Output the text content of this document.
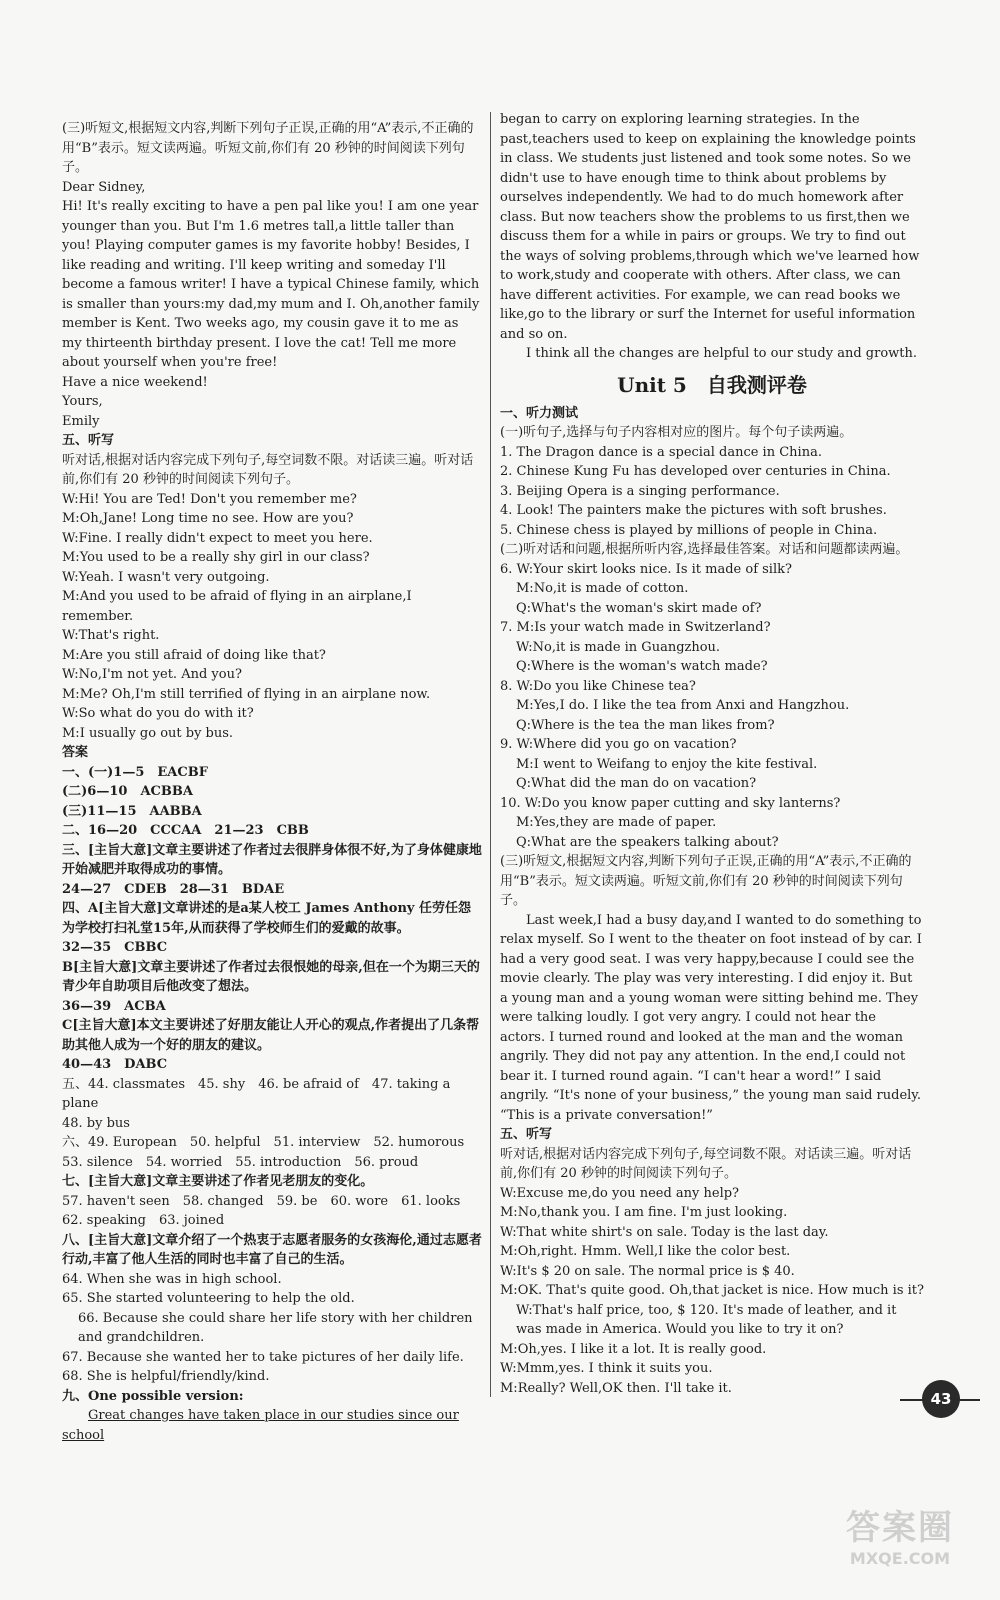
(三)听短文,根据短文内容,判断下列句子正误,正确的用“A”表示,不正确的用“B”表示。短文读两遍。听短文前,你们有 20 秒钟的时间阅读下列句子。

Dear Sidney,

Hi! It's really exciting to have a pen pal like you! I am one year younger than you. But I'm 1.6 metres tall,a little taller than you! Playing computer games is my favorite hobby! Besides, I like reading and writing. I'll keep writing and someday I'll become a famous writer! I have a typical Chinese family, which is smaller than yours:my dad,my mum and I. Oh,another family member is Kent. Two weeks ago, my cousin gave it to me as my thirteenth birthday present. I love the cat! Tell me more about yourself when you're free!

Have a nice weekend!

Yours,

Emily

五、听写

听对话,根据对话内容完成下列句子,每空词数不限。对话读三遍。听对话前,你们有 20 秒钟的时间阅读下列句子。

W:Hi! You are Ted! Don't you remember me?

M:Oh,Jane! Long time no see. How are you?

W:Fine. I really didn't expect to meet you here.

M:You used to be a really shy girl in our class?

W:Yeah. I wasn't very outgoing.

M:And you used to be afraid of flying in an airplane,I remember.

W:That's right.

M:Are you still afraid of doing like that?

W:No,I'm not yet. And you?

M:Me? Oh,I'm still terrified of flying in an airplane now.

W:So what do you do with it?

M:I usually go out by bus.

答案

一、(一)1—5　EACBF

(二)6—10　ACBBA

(三)11—15　AABBA

二、16—20　CCCAA　21—23　CBB

三、[主旨大意]文章主要讲述了作者过去很胖身体很不好,为了身体健康地开始减肥并取得成功的事情。

24—27　CDEB　28—31　BDAE

四、A[主旨大意]文章讲述的是a某人校工 James Anthony 任劳任怨为学校打扫礼堂15年,从而获得了学校师生们的爱戴的故事。

32—35　CBBC

B[主旨大意]文章主要讲述了作者过去很恨她的母亲,但在一个为期三天的青少年自助项目后他改变了想法。

36—39　ACBA

C[主旨大意]本文主要讲述了好朋友能让人开心的观点,作者提出了几条帮助其他人成为一个好的朋友的建议。

40—43　DABC

五、44. classmates　45. shy　46. be afraid of　47. taking a plane

48. by bus

六、49. European　50. helpful　51. interview　52. humorous

53. silence　54. worried　55. introduction　56. proud

七、[主旨大意]文章主要讲述了作者见老朋友的变化。

57. haven't seen　58. changed　59. be　60. wore　61. looks

62. speaking　63. joined

八、[主旨大意]文章介绍了一个热衷于志愿者服务的女孩海伦,通过志愿者行动,丰富了他人生活的同时也丰富了自己的生活。

64. When she was in high school.

65. She started volunteering to help the old.

66. Because she could share her life story with her children and grandchildren.

67. Because she wanted her to take pictures of her daily life.

68. She is helpful/friendly/kind.

九、One possible version:

Great changes have taken place in our studies since our school

began to carry on exploring learning strategies. In the past,teachers used to keep on explaining the knowledge points in class. We students just listened and took some notes. So we didn't use to have enough time to think about problems by ourselves independently. We had to do much homework after class. But now teachers show the problems to us first,then we discuss them for a while in pairs or groups. We try to find out the ways of solving problems,through which we've learned how to work,study and cooperate with others. After class, we can have different activities. For example, we can read books we like,go to the library or surf the Internet for useful information and so on.

I think all the changes are helpful to our study and growth.

Unit 5　自我测评卷

一、听力测试

(一)听句子,选择与句子内容相对应的图片。每个句子读两遍。

1. The Dragon dance is a special dance in China.

2. Chinese Kung Fu has developed over centuries in China.

3. Beijing Opera is a singing performance.

4. Look! The painters make the pictures with soft brushes.

5. Chinese chess is played by millions of people in China.

(二)听对话和问题,根据所听内容,选择最佳答案。对话和问题都读两遍。

6. W:Your skirt looks nice. Is it made of silk?

M:No,it is made of cotton.

Q:What's the woman's skirt made of?

7. M:Is your watch made in Switzerland?

W:No,it is made in Guangzhou.

Q:Where is the woman's watch made?

8. W:Do you like Chinese tea?

M:Yes,I do. I like the tea from Anxi and Hangzhou.

Q:Where is the tea the man likes from?

9. W:Where did you go on vacation?

M:I went to Weifang to enjoy the kite festival.

Q:What did the man do on vacation?

10. W:Do you know paper cutting and sky lanterns?

M:Yes,they are made of paper.

Q:What are the speakers talking about?

(三)听短文,根据短文内容,判断下列句子正误,正确的用“A”表示,不正确的用“B”表示。短文读两遍。听短文前,你们有 20 秒钟的时间阅读下列句子。

Last week,I had a busy day,and I wanted to do something to relax myself. So I went to the theater on foot instead of by car. I had a very good seat. I was very happy,because I could see the movie clearly. The play was very interesting. I did enjoy it. But a young man and a young woman were sitting behind me. They were talking loudly. I got very angry. I could not hear the actors. I turned round and looked at the man and the woman angrily. They did not pay any attention. In the end,I could not bear it. I turned round again. “I can't hear a word!” I said angrily. “It's none of your business,” the young man said rudely. “This is a private conversation!”

五、听写

听对话,根据对话内容完成下列句子,每空词数不限。对话读三遍。听对话前,你们有 20 秒钟的时间阅读下列句子。

W:Excuse me,do you need any help?

M:No,thank you. I am fine. I'm just looking.

W:That white shirt's on sale. Today is the last day.

M:Oh,right. Hmm. Well,I like the color best.

W:It's $ 20 on sale. The normal price is $ 40.

M:OK. That's quite good. Oh,that jacket is nice. How much is it?

W:That's half price, too, $ 120. It's made of leather, and it was made in America. Would you like to try it on?

M:Oh,yes. I like it a lot. It is really good.

W:Mmm,yes. I think it suits you.

M:Really? Well,OK then. I'll take it.

43
答案圈
MXQE.COM
